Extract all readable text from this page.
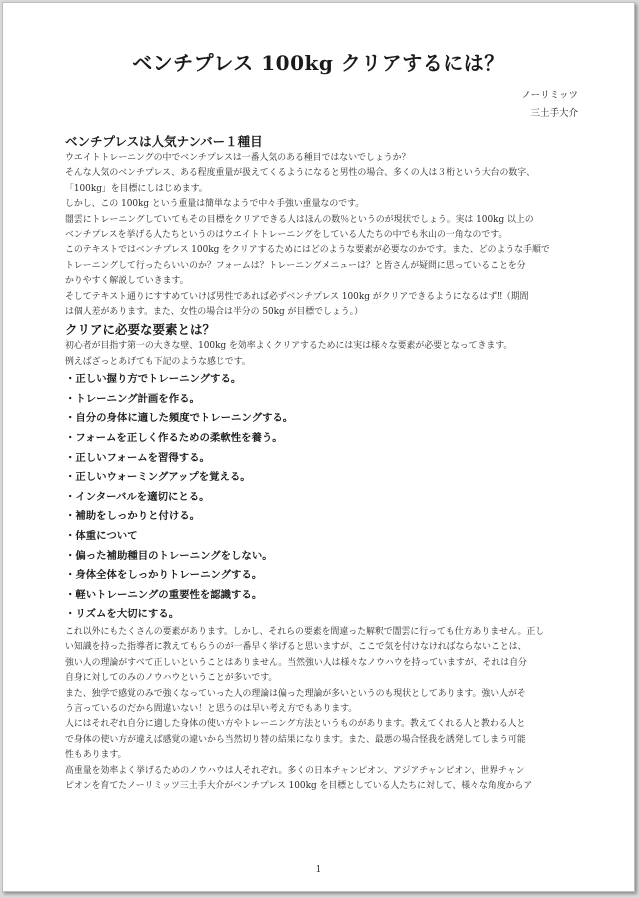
ベンチプレス 100kg クリアするには？
ノーリミッツ
三土手大介
ベンチプレスは人気ナンバー１種目
ウエイトトレーニングの中でベンチプレスは一番人気のある種目ではないでしょうか？
そんな人気のベンチプレス、ある程度重量が扱えてくるようになると男性の場合、多くの人は３桁という大台の数字、
「100kg」を目標にしはじめます。
しかし、この 100kg という重量は簡単なようで中々手強い重量なのです。
闇雲にトレーニングしていてもその目標をクリアできる人はほんの数％というのが現状でしょう。実は 100kg 以上の
ベンチプレスを挙げる人たちというのはウエイトトレーニングをしている人たちの中でも氷山の一角なのです。
このテキストではベンチプレス 100kg をクリアするためにはどのような要素が必要なのかです。また、どのような手順で
トレーニングして行ったらいいのか？フォームは？トレーニングメニューは？と皆さんが疑問に思っていることを分
かりやすく解説していきます。
そしてテキスト通りにすすめていけば男性であれば必ずベンチプレス 100kg がクリアできるようになるはず‼（期間
は個人差があります。また、女性の場合は半分の 50kg が目標でしょう。）
クリアに必要な要素とは？
初心者が目指す第一の大きな壁、100kg を効率よくクリアするためには実は様々な要素が必要となってきます。
例えばざっとあげても下記のような感じです。
・正しい握り方でトレーニングする。
・トレーニング計画を作る。
・自分の身体に適した頻度でトレーニングする。
・フォームを正しく作るための柔軟性を養う。
・正しいフォームを習得する。
・正しいウォーミングアップを覚える。
・インターバルを適切にとる。
・補助をしっかりと付ける。
・体重について
・偏った補助種目のトレーニングをしない。
・身体全体をしっかりトレーニングする。
・軽いトレーニングの重要性を認識する。
・リズムを大切にする。
これ以外にもたくさんの要素があります。しかし、それらの要素を間違った解釈で闇雲に行っても仕方ありません。正し
い知識を持った指導者に教えてもらうのが一番早く挙げると思いますが、ここで気を付けなければならないことは、
強い人の理論がすべて正しいということはありません。当然強い人は様々なノウハウを持っていますが、それは自分
自身に対してのみのノウハウということが多いです。
また、独学で感覚のみで強くなっていった人の理論は偏った理論が多いというのも現状としてあります。強い人がそ
う言っているのだから間違いない！と思うのは早い考え方でもあります。
人にはそれぞれ自分に適した身体の使い方やトレーニング方法というものがあります。教えてくれる人と教わる人と
で身体の使い方が違えば感覚の違いから当然切り替の結果になります。また、最悪の場合怪我を誘発してしまう可能
性もあります。
高重量を効率よく挙げるためのノウハウは人それぞれ。多くの日本チャンピオン、アジアチャンピオン、世界チャン
ピオンを育てたノーリミッツ三土手大介がベンチプレス 100kg を目標としている人たちに対して、様々な角度からア
1
